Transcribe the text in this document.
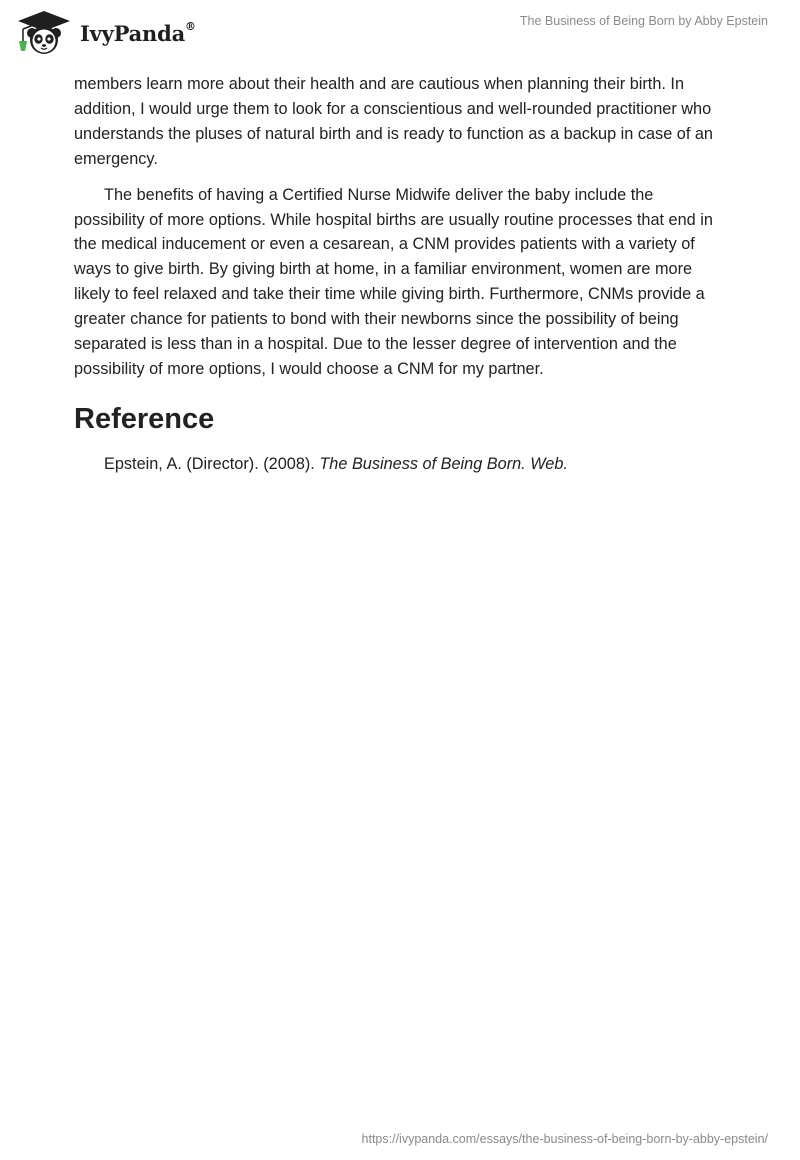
IvyPanda®	The Business of Being Born by Abby Epstein

members learn more about their health and are cautious when planning their birth. In addition, I would urge them to look for a conscientious and well-rounded practitioner who understands the pluses of natural birth and is ready to function as a backup in case of an emergency.

The benefits of having a Certified Nurse Midwife deliver the baby include the possibility of more options. While hospital births are usually routine processes that end in the medical inducement or even a cesarean, a CNM provides patients with a variety of ways to give birth. By giving birth at home, in a familiar environment, women are more likely to feel relaxed and take their time while giving birth. Furthermore, CNMs provide a greater chance for patients to bond with their newborns since the possibility of being separated is less than in a hospital. Due to the lesser degree of intervention and the possibility of more options, I would choose a CNM for my partner.

Reference

Epstein, A. (Director). (2008). The Business of Being Born. Web.

https://ivypanda.com/essays/the-business-of-being-born-by-abby-epstein/
